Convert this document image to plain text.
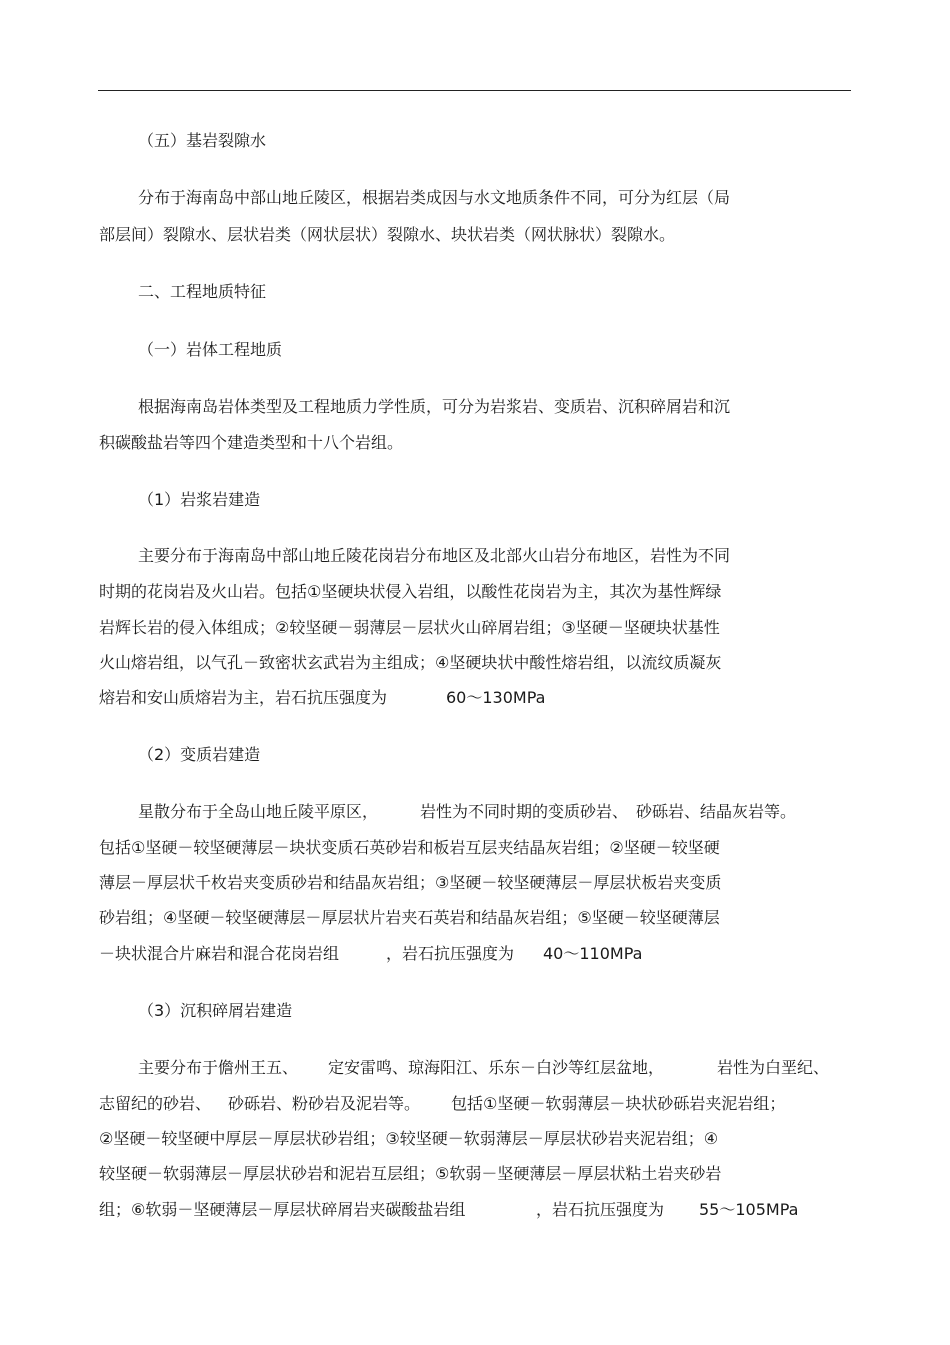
（五）基岩裂隙水
分布于海南岛中部山地丘陵区，根据岩类成因与水文地质条件不同，可分为红层（局
部层间）裂隙水、层状岩类（网状层状）裂隙水、块状岩类（网状脉状）裂隙水。
二、工程地质特征
（一）岩体工程地质
根据海南岛岩体类型及工程地质力学性质，可分为岩浆岩、变质岩、沉积碎屑岩和沉
积碳酸盐岩等四个建造类型和十八个岩组。
（1）岩浆岩建造
主要分布于海南岛中部山地丘陵花岗岩分布地区及北部火山岩分布地区，岩性为不同
时期的花岗岩及火山岩。包括①坚硬块状侵入岩组，以酸性花岗岩为主，其次为基性辉绿
岩辉长岩的侵入体组成；②较坚硬－弱薄层－层状火山碎屑岩组；③坚硬－坚硬块状基性
火山熔岩组，以气孔－致密状玄武岩为主组成；④坚硬块状中酸性熔岩组，以流纹质凝灰
熔岩和安山质熔岩为主，岩石抗压强度为	60～130MPa
（2）变质岩建造
星散分布于全岛山地丘陵平原区，	岩性为不同时期的变质砂岩、 砂砾岩、结晶灰岩等。
包括①坚硬－较坚硬薄层－块状变质石英砂岩和板岩互层夹结晶灰岩组；②坚硬－较坚硬
薄层－厚层状千枚岩夹变质砂岩和结晶灰岩组；③坚硬－较坚硬薄层－厚层状板岩夹变质
砂岩组；④坚硬－较坚硬薄层－厚层状片岩夹石英岩和结晶灰岩组；⑤坚硬－较坚硬薄层
－块状混合片麻岩和混合花岗岩组	，岩石抗压强度为 40～110MPa
（3）沉积碎屑岩建造
主要分布于儋州王五、 定安雷鸣、琼海阳江、乐东－白沙等红层盆地，	岩性为白垩纪、
志留纪的砂岩、 砂砾岩、粉砂岩及泥岩等。 包括①坚硬－软弱薄层－块状砂砾岩夹泥岩组；
②坚硬－较坚硬中厚层－厚层状砂岩组；③较坚硬－软弱薄层－厚层状砂岩夹泥岩组；④
较坚硬－软弱薄层－厚层状砂岩和泥岩互层组；⑤软弱－坚硬薄层－厚层状粘土岩夹砂岩
组；⑥软弱－坚硬薄层－厚层状碎屑岩夹碳酸盐岩组	，岩石抗压强度为 55～105MPa
